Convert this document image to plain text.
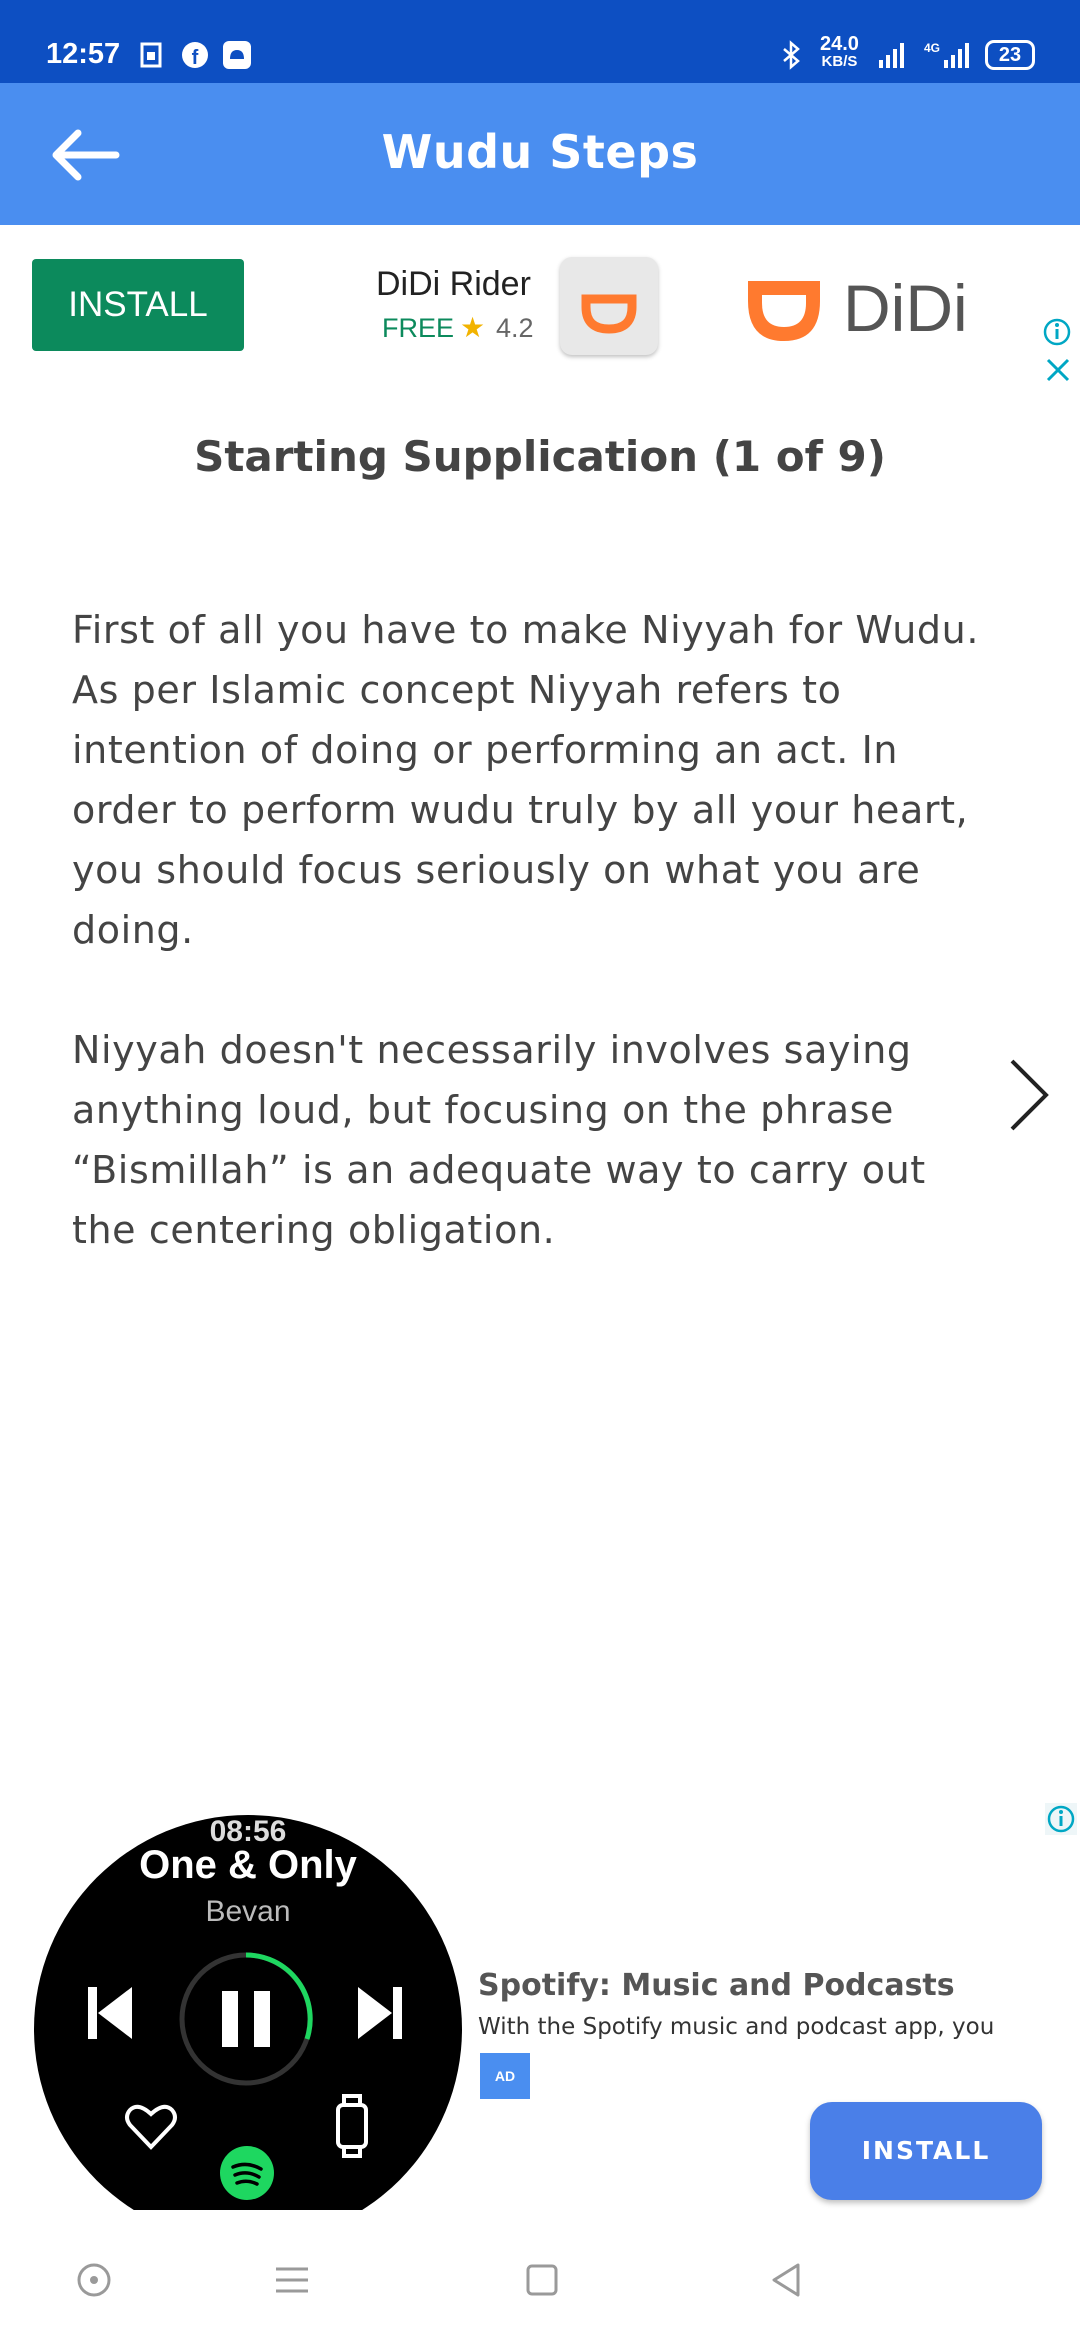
12:57	f
24.0
KB/S
4G	23
Wudu Steps
INSTALL
DiDi Rider
FREE ★ 4.2	DiDi
Starting Supplication (1 of 9)

First of all you have to make Niyyah for Wudu. As per Islamic concept Niyyah refers to intention of doing or performing an act. In order to perform wudu truly by all your heart, you should focus seriously on what you are doing.

Niyyah doesn't necessarily involves saying anything loud, but focusing on the phrase “Bismillah” is an adequate way to carry out the centering obligation.

08:56
One & Only
Bevan
Spotify: Music and Podcasts
With the Spotify music and podcast app, you
AD
INSTALL
